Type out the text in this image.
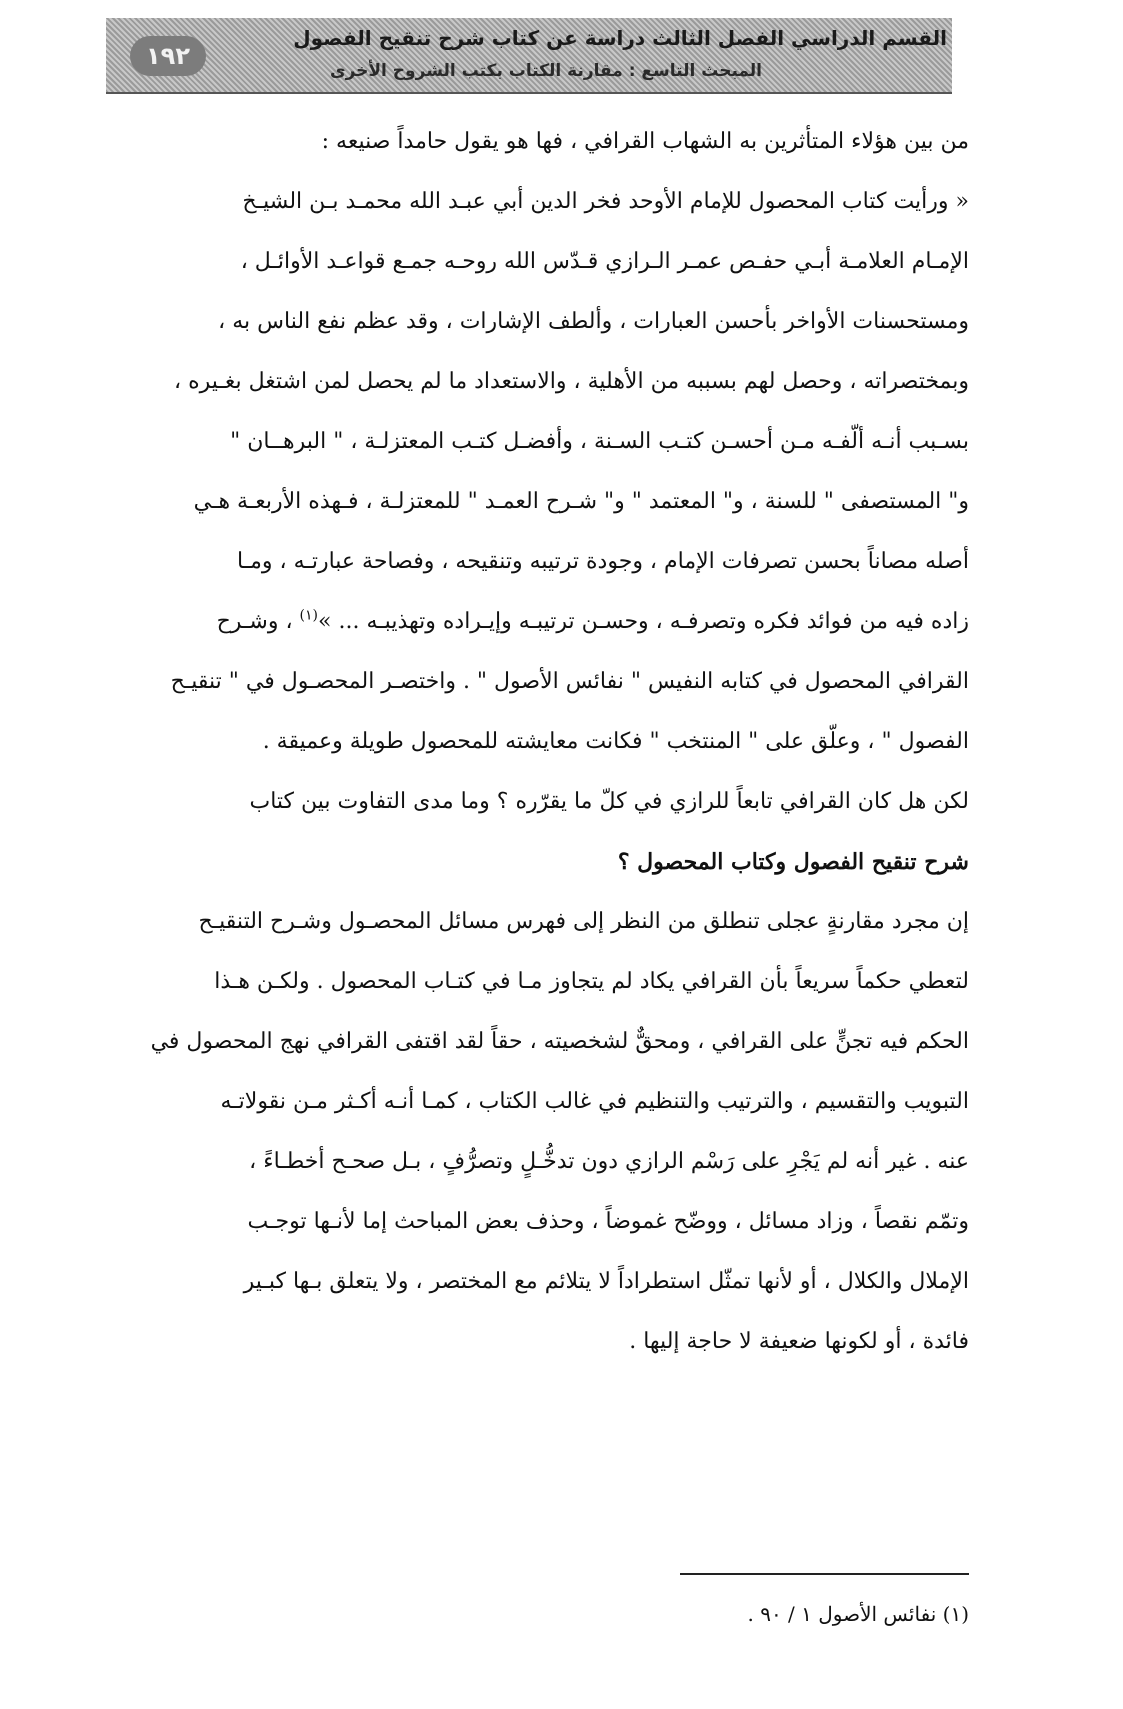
١٩٢
القسم الدراسي الفصل الثالث دراسة عن كتاب شرح تنقيح الفصول
المبحث التاسع : مقارنة الكتاب بكتب الشروح الأخرى
من بين هؤلاء المتأثرين به الشهاب القرافي ، فها هو يقول حامداً صنيعه :
« ورأيت كتاب المحصول للإمام الأوحد فخر الدين أبي عبـد الله محمـد بـن الشيـخ
الإمـام العلامـة أبـي حفـص عمـر الـرازي قـدّس الله روحـه جمـع قواعـد الأوائـل ،
ومستحسنات الأواخر بأحسن العبارات ، وألطف الإشارات ، وقد عظم نفع الناس به ،
وبمختصراته ، وحصل لهم بسببه من الأهلية ، والاستعداد ما لم يحصل لمن اشتغل بغـيره ،
بسـبب أنـه ألّفـه مـن أحسـن كتـب السـنة ، وأفضـل كتـب المعتزلـة ، " البرهــان "
و" المستصفى " للسنة ، و" المعتمد " و" شـرح العمـد " للمعتزلـة ، فـهذه الأربعـة هـي
أصله مصاناً بحسن تصرفات الإمام ، وجودة ترتيبه وتنقيحه ، وفصاحة عبارتـه ، ومـا
زاده فيه من فوائد فكره وتصرفـه ، وحسـن ترتيبـه وإيـراده وتهذيبـه ... »$^{(١)}$ ، وشـرح
القرافي المحصول في كتابه النفيس " نفائس الأصول " . واختصـر المحصـول في " تنقيـح
الفصول " ، وعلّق على " المنتخب " فكانت معايشته للمحصول طويلة وعميقة .
لكن هل كان القرافي تابعاً للرازي في كلّ ما يقرّره ؟ وما مدى التفاوت بين كتاب
شرح تنقيح الفصول وكتاب المحصول ؟
إن مجرد مقارنةٍ عجلى تنطلق من النظر إلى فهرس مسائل المحصـول وشـرح التنقيـح
لتعطي حكماً سريعاً بأن القرافي يكاد لم يتجاوز مـا في كتـاب المحصول . ولكـن هـذا
الحكم فيه تجنٍّ على القرافي ، ومحقٌّ لشخصيته ، حقاً لقد اقتفى القرافي نهج المحصول في
التبويب والتقسيم ، والترتيب والتنظيم في غالب الكتاب ، كمـا أنـه أكـثر مـن نقولاتـه
عنه . غير أنه لم يَجْرِ على رَسْم الرازي دون تدخُّـلٍ وتصرُّفٍ ، بـل صحـح أخطـاءً ،
وتمّم نقصاً ، وزاد مسائل ، ووضّح غموضاً ، وحذف بعض المباحث إما لأنـها توجـب
الإملال والكلال ، أو لأنها تمثّل استطراداً لا يتلائم مع المختصر ، ولا يتعلق بـها كبـير
فائدة ، أو لكونها ضعيفة لا حاجة إليها .
(١) نفائس الأصول ١ / ٩٠ .
